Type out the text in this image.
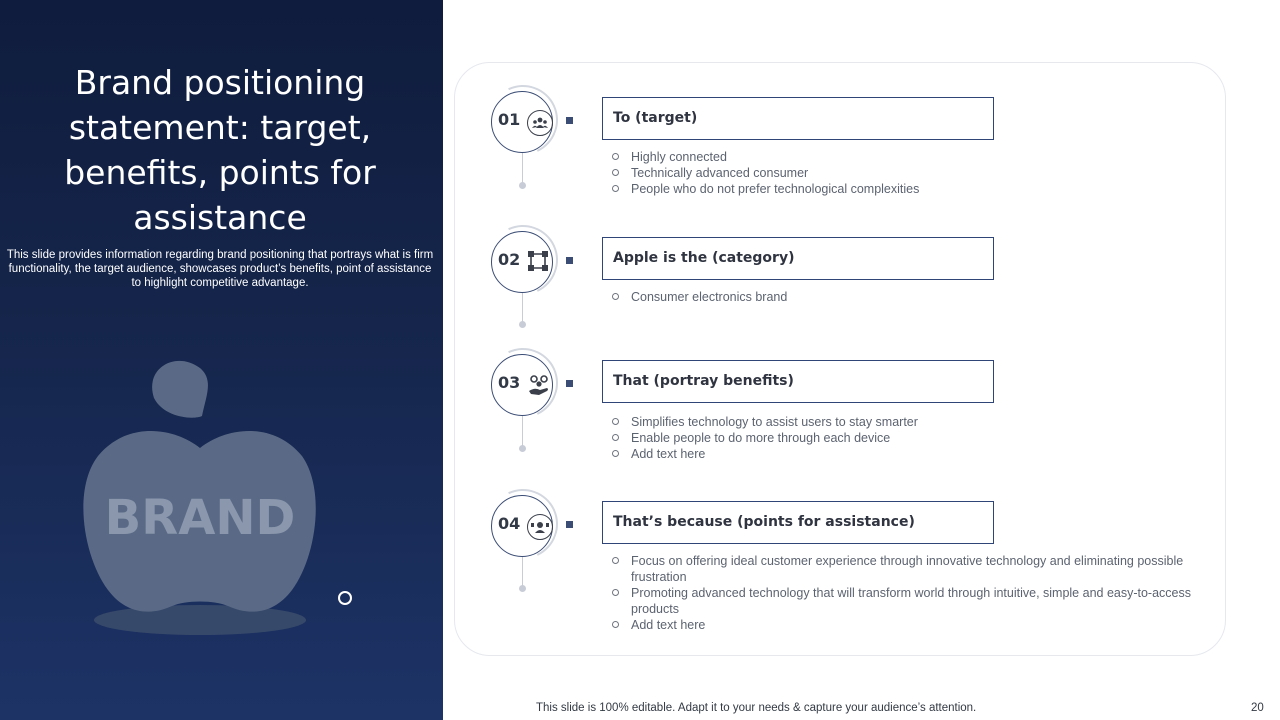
Brand positioning statement: target, benefits, points for assistance

This slide provides information regarding brand positioning that portrays what is firm functionality, the target audience, showcases product’s benefits, point of assistance to highlight competitive advantage.

BRAND
01	To (target)
Highly connected
Technically advanced consumer
People who do not prefer technological complexities
02	Apple is the (category)
Consumer electronics brand
03	That (portray benefits)
Simplifies technology to assist users to stay smarter
Enable people to do more through each device
Add text here
04	That’s because (points for assistance)
Focus on offering ideal customer experience through innovative technology and eliminating possible frustration
Promoting advanced technology that will transform world through intuitive, simple and easy-to-access products
Add text here
This slide is 100% editable. Adapt it to your needs & capture your audience’s attention.	20
